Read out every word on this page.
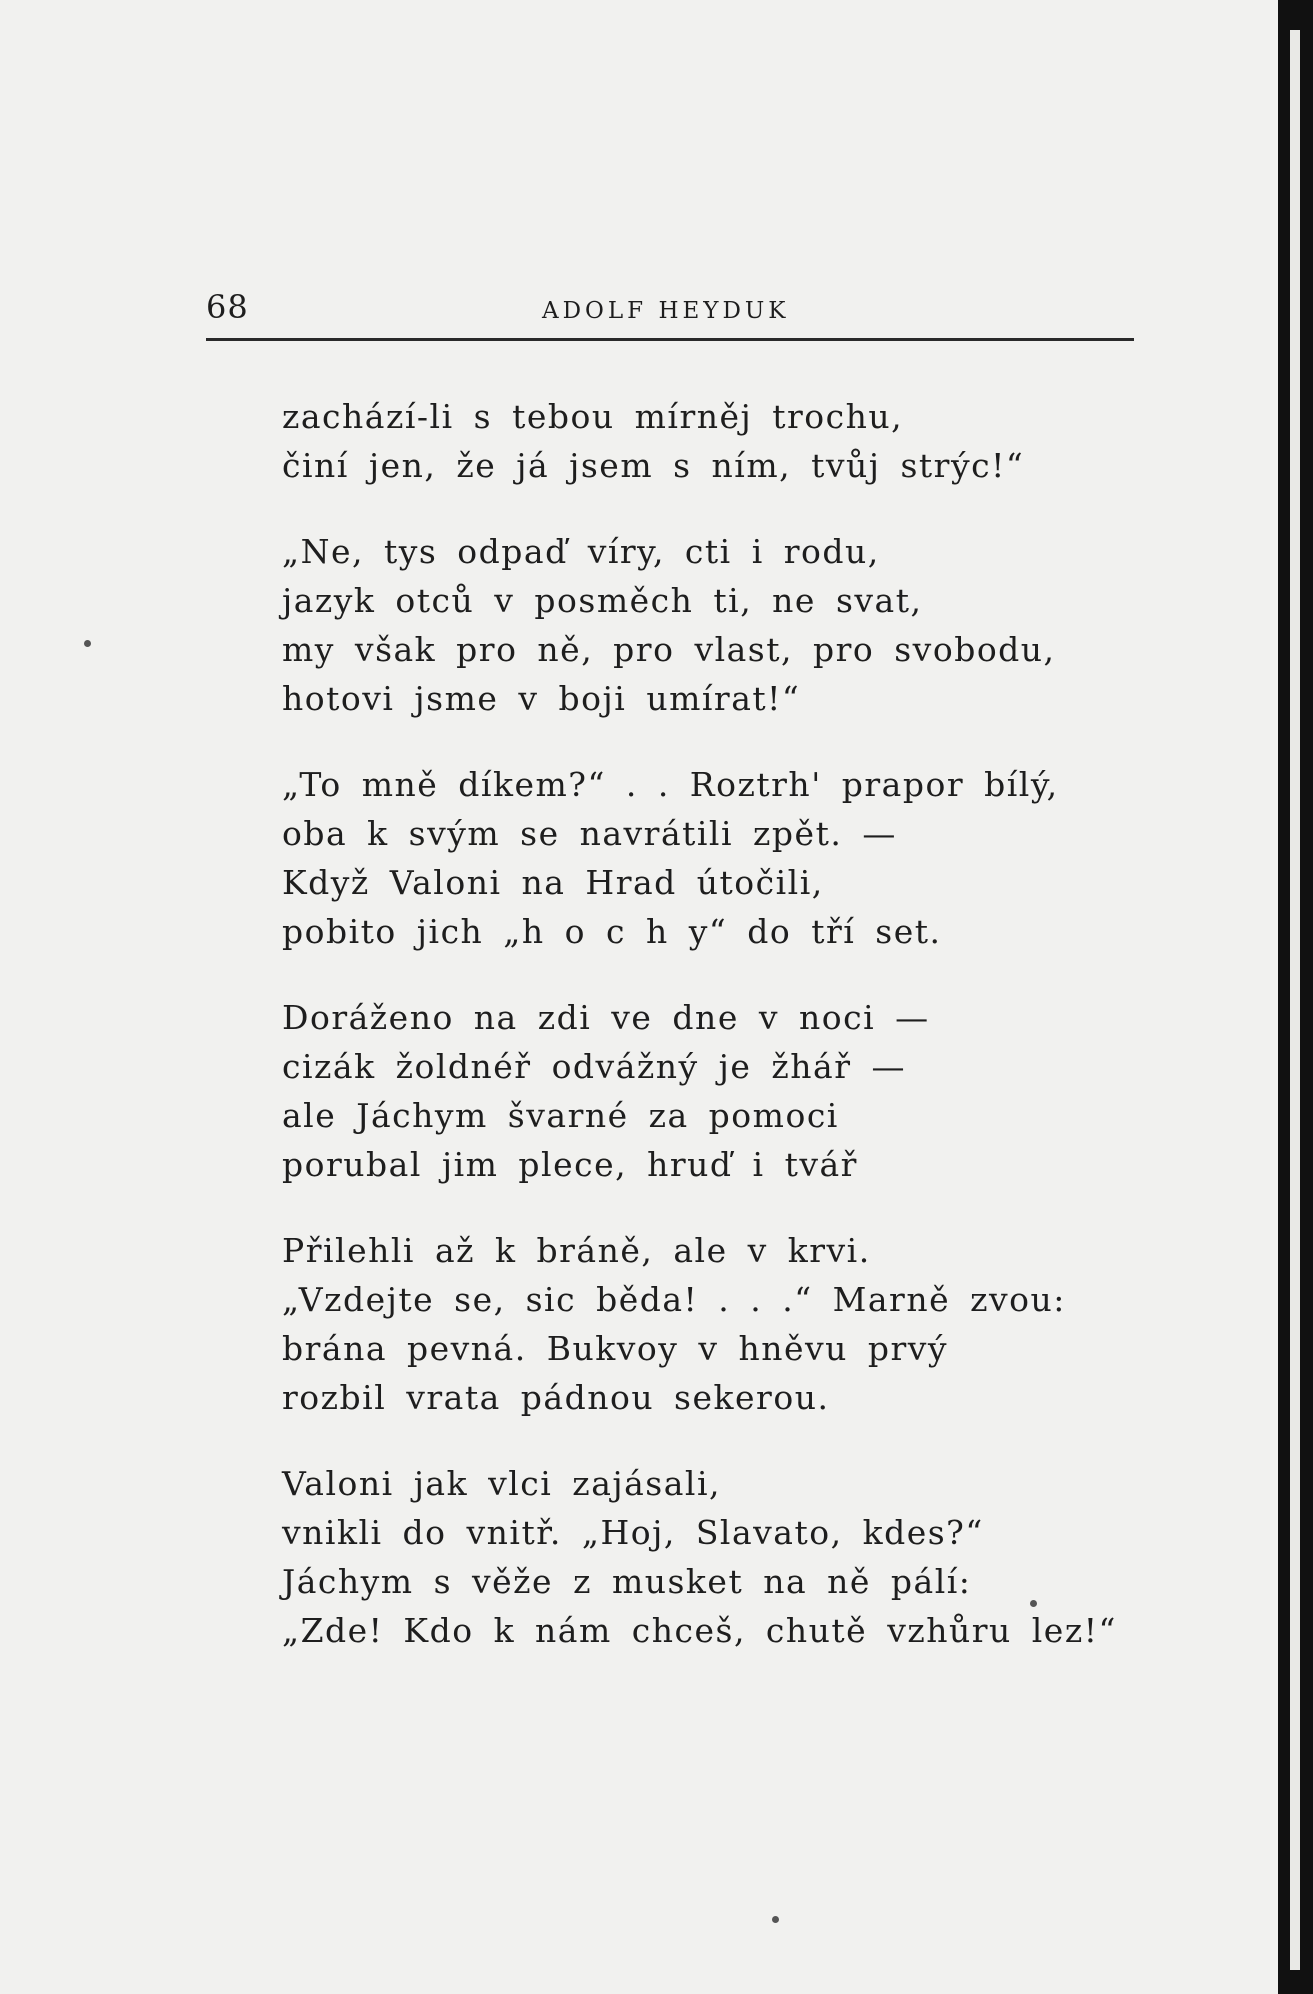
68	ADOLF HEYDUK
zachází-li s tebou mírněj trochu,
činí jen, že já jsem s ním, tvůj strýc!“
„Ne, tys odpaď víry, cti i rodu,
jazyk otců v posměch ti, ne svat,
my však pro ně, pro vlast, pro svobodu,
hotovi jsme v boji umírat!“
„To mně díkem?“ . . Roztrh' prapor bílý,
oba k svým se navrátili zpět. —
Když Valoni na Hrad útočili,
pobito jich „h o c h y“ do tří set.
Doráženo na zdi ve dne v noci —
cizák žoldnéř odvážný je žhář —
ale Jáchym švarné za pomoci
porubal jim plece, hruď i tvář
Přilehli až k bráně, ale v krvi.
„Vzdejte se, sic běda! . . .“ Marně zvou:
brána pevná. Bukvoy v hněvu prvý
rozbil vrata pádnou sekerou.
Valoni jak vlci zajásali,
vnikli do vnitř. „Hoj, Slavato, kdes?“
Jáchym s věže z musket na ně pálí:
„Zde! Kdo k nám chceš, chutě vzhůru lez!“
